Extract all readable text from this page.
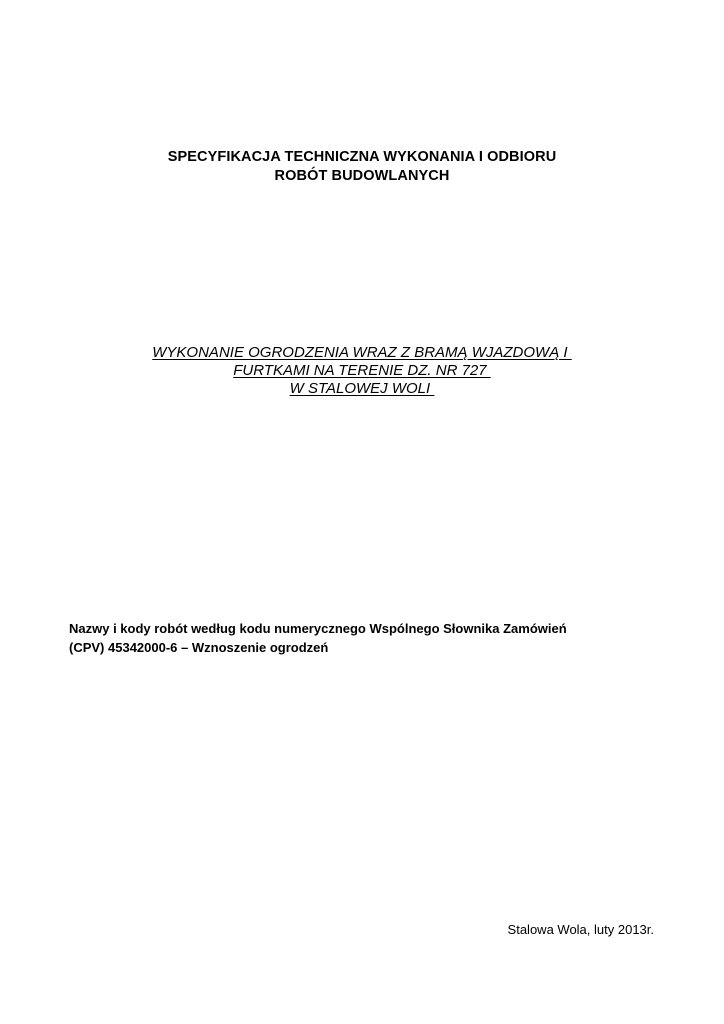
SPECYFIKACJA TECHNICZNA WYKONANIA I ODBIORU
ROBÓT BUDOWLANYCH
WYKONANIE OGRODZENIA WRAZ Z BRAMĄ WJAZDOWĄ I
FURTKAMI NA TERENIE DZ. NR 727
W STALOWEJ WOLI
Nazwy i kody robót według kodu numerycznego Wspólnego Słownika Zamówień
(CPV) 45342000-6 – Wznoszenie ogrodzeń
Stalowa Wola, luty 2013r.
